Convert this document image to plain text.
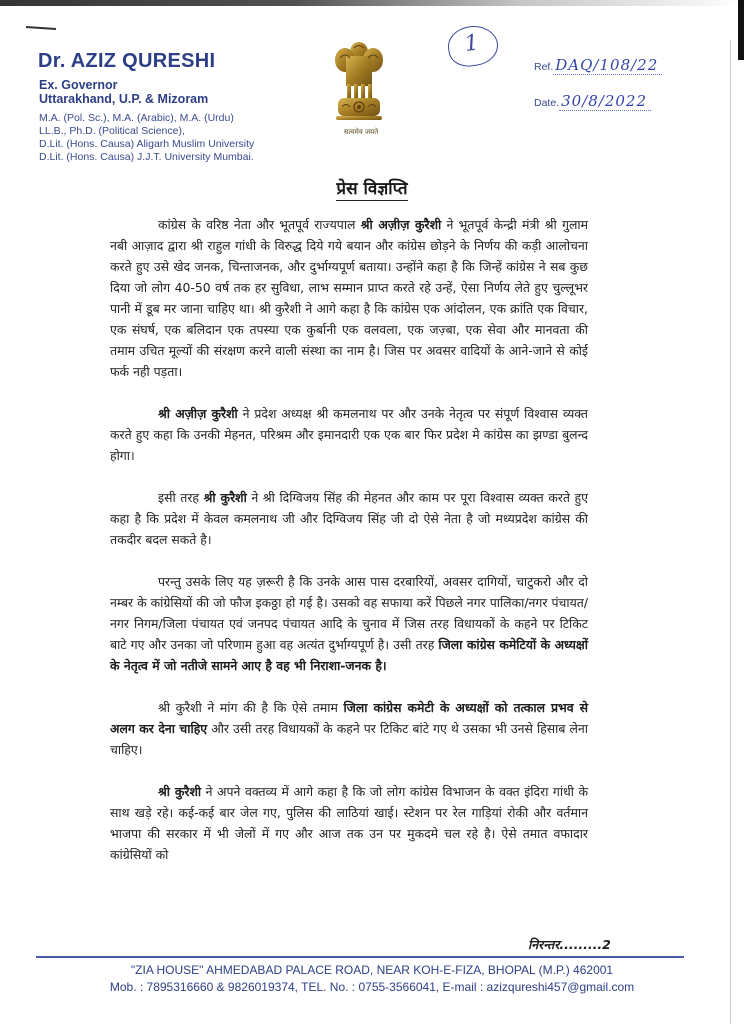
Dr. AZIZ QURESHI
Ex. Governor
Uttarakhand, U.P. & Mizoram
M.A. (Pol. Sc.), M.A. (Arabic), M.A. (Urdu)
LL.B., Ph.D. (Political Science),
D.Lit. (Hons. Causa) Aligarh Muslim University
D.Lit. (Hons. Causa) J.J.T. University Mumbai.
सत्यमेव जयते
1
Ref. DAQ/108/22
Date. 30/8/2022
प्रेस विज्ञप्ति

कांग्रेस के वरिष्ठ नेता और भूतपूर्व राज्यपाल श्री अज़ीज़ कुरैशी ने भूतपूर्व केन्द्री मंत्री श्री गुलाम नबी आज़ाद द्वारा श्री राहुल गांधी के विरुद्ध दिये गये बयान और कांग्रेस छोड़ने के निर्णय की कड़ी आलोचना करते हुए उसे खेद जनक, चिन्ताजनक, और दुर्भाग्यपूर्ण बताया। उन्होंने कहा है कि जिन्हें कांग्रेस ने सब कुछ दिया जो लोग 40-50 वर्ष तक हर सुविधा, लाभ सम्मान प्राप्त करते रहे उन्हें, ऐसा निर्णय लेते हुए चुल्लूभर पानी में डूब मर जाना चाहिए था। श्री कुरैशी ने आगे कहा है कि कांग्रेस एक आंदोलन, एक क्रांति एक विचार, एक संघर्ष, एक बलिदान एक तपस्या एक कुर्बानी एक वलवला, एक जज़्बा, एक सेवा और मानवता की तमाम उचित मूल्यों की संरक्षण करने वाली संस्था का नाम है। जिस पर अवसर वादियों के आने-जाने से कोई फर्क नही पड़ता।

श्री अज़ीज़ कुरैशी ने प्रदेश अध्यक्ष श्री कमलनाथ पर और उनके नेतृत्व पर संपूर्ण विश्वास व्यक्त करते हुए कहा कि उनकी मेहनत, परिश्रम और इमानदारी एक एक बार फिर प्रदेश मे कांग्रेस का झण्डा बुलन्द होगा।

इसी तरह श्री कुरैशी ने श्री दिग्विजय सिंह की मेहनत और काम पर पूरा विश्वास व्यक्त करते हुए कहा है कि प्रदेश में केवल कमलनाथ जी और दिग्विजय सिंह जी दो ऐसे नेता है जो मध्यप्रदेश कांग्रेस की तकदीर बदल सकते है।

परन्तु उसके लिए यह ज़रूरी है कि उनके आस पास दरबारियों, अवसर दागियों, चाटुकरो और दो नम्बर के कांग्रेसियों की जो फौज इकठ्ठा हो गई है। उसको वह सफाया करें पिछले नगर पालिका/नगर पंचायत/नगर निगम/जिला पंचायत एवं जनपद पंचायत आदि के चुनाव में जिस तरह विधायकों के कहने पर टिकिट बाटे गए और उनका जो परिणाम हुआ वह अत्यंत दुर्भाग्यपूर्ण है। उसी तरह जिला कांग्रेस कमेटियों के अध्यक्षों के नेतृत्व में जो नतीजे सामने आए है वह भी निराशा-जनक है।

श्री कुरैशी ने मांग की है कि ऐसे तमाम जिला कांग्रेस कमेटी के अध्यक्षों को तत्काल प्रभव से अलग कर देना चाहिए और उसी तरह विधायकों के कहने पर टिकिट बांटे गए थे उसका भी उनसे हिसाब लेना चाहिए।

श्री कुरैशी ने अपने वक्तव्य में आगे कहा है कि जो लोग कांग्रेस विभाजन के वक्त इंदिरा गांधी के साथ खड़े रहे। कई-कई बार जेल गए, पुलिस की लाठियां खाई। स्टेशन पर रेल गाड़ियां रोकी और वर्तमान भाजपा की सरकार में भी जेलों में गए और आज तक उन पर मुकदमे चल रहे है। ऐसे तमात वफादार कांग्रेसियों को

निरन्तर.........2
"ZIA HOUSE" AHMEDABAD PALACE ROAD, NEAR KOH-E-FIZA, BHOPAL (M.P.) 462001
Mob. : 7895316660 & 9826019374, TEL. No. : 0755-3566041, E-mail : azizqureshi457@gmail.com
